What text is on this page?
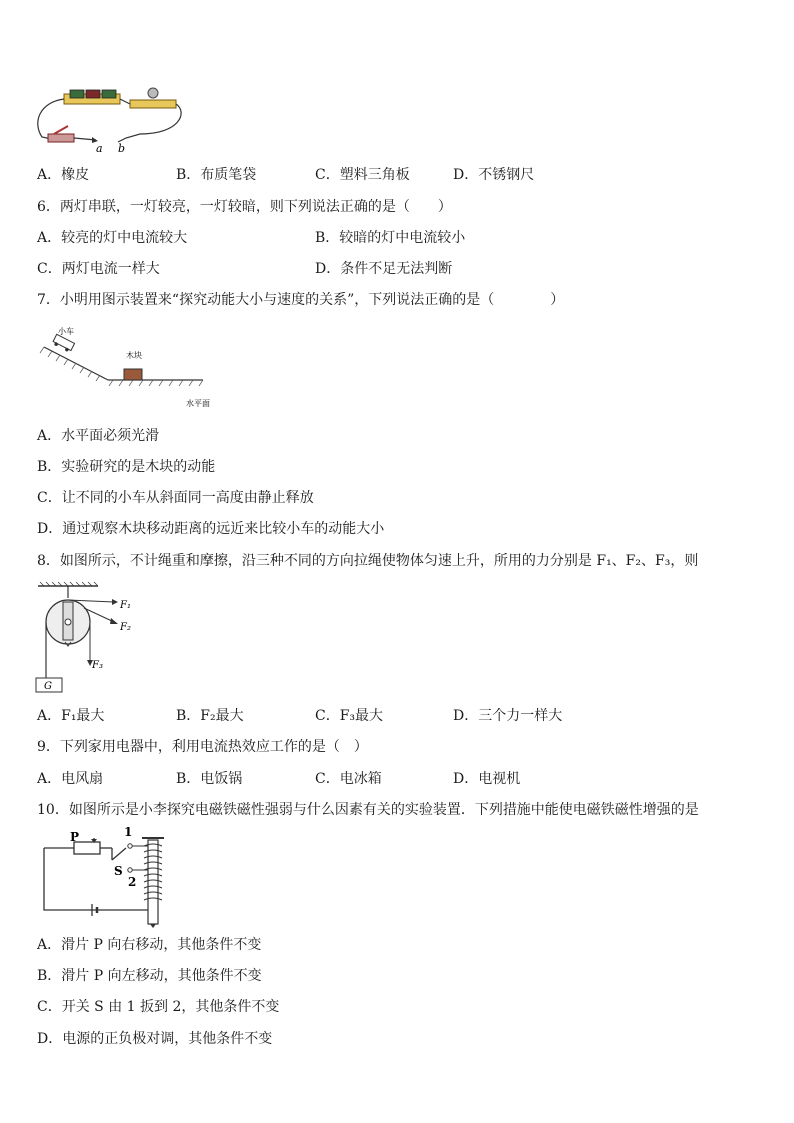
a b
A．橡皮	B．布质笔袋	C．塑料三角板	D．不锈钢尺
6．两灯串联，一灯较亮，一灯较暗，则下列说法正确的是（　　）
A．较亮的灯中电流较大	B．较暗的灯中电流较小
C．两灯电流一样大	D．条件不足无法判断
7．小明用图示装置来“探究动能大小与速度的关系”，下列说法正确的是（　　　　）
小车
木块
水平面
A．水平面必须光滑
B．实验研究的是木块的动能
C．让不同的小车从斜面同一高度由静止释放
D．通过观察木块移动距离的远近来比较小车的动能大小
8．如图所示，不计绳重和摩擦，沿三种不同的方向拉绳使物体匀速上升，所用的力分别是 F₁、F₂、F₃，则
G
F₁
F₂
F₃
A．F₁最大	B．F₂最大	C．F₃最大	D．三个力一样大
9．下列家用电器中，利用电流热效应工作的是（　）
A．电风扇	B．电饭锅	C．电冰箱	D．电视机
10．如图所示是小李探究电磁铁磁性强弱与什么因素有关的实验装置．下列措施中能使电磁铁磁性增强的是
P	1
S
2
A．滑片 P 向右移动，其他条件不变
B．滑片 P 向左移动，其他条件不变
C．开关 S 由 1 扳到 2，其他条件不变
D．电源的正负极对调，其他条件不变
